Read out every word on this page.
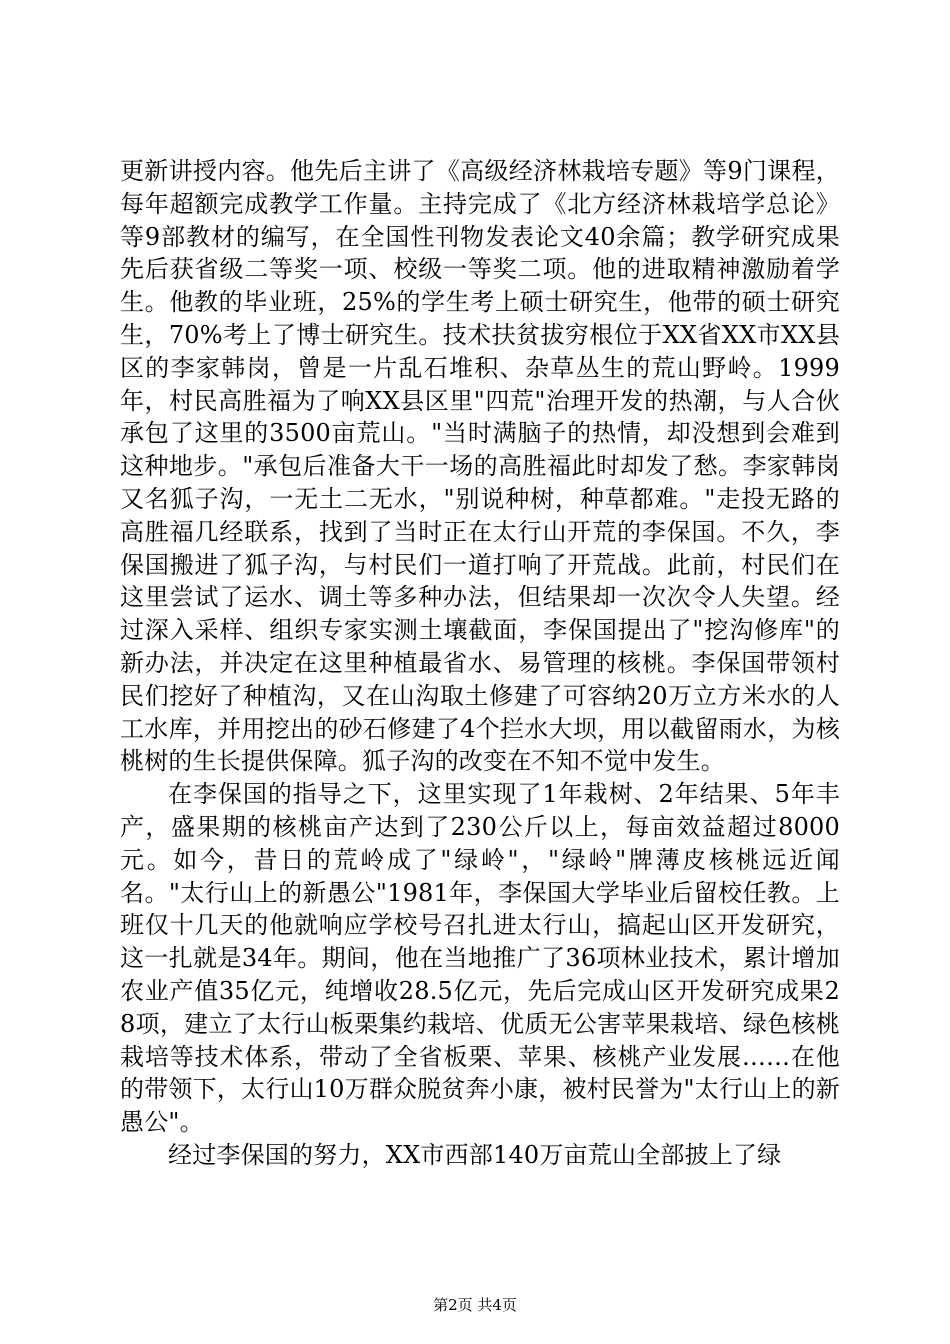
更新讲授内容。他先后主讲了《高级经济林栽培专题》等9门课程，每年超额完成教学工作量。主持完成了《北方经济林栽培学总论》等9部教材的编写，在全国性刊物发表论文40余篇；教学研究成果先后获省级二等奖一项、校级一等奖二项。他的进取精神激励着学生。他教的毕业班，25%的学生考上硕士研究生，他带的硕士研究生，70%考上了博士研究生。技术扶贫拔穷根位于XX省XX市XX县区的李家韩岗，曾是一片乱石堆积、杂草丛生的荒山野岭。1999年，村民高胜福为了响XX县区里"四荒"治理开发的热潮，与人合伙承包了这里的3500亩荒山。"当时满脑子的热情，却没想到会难到这种地步。"承包后准备大干一场的高胜福此时却发了愁。李家韩岗又名狐子沟，一无土二无水，"别说种树，种草都难。"走投无路的高胜福几经联系，找到了当时正在太行山开荒的李保国。不久，李保国搬进了狐子沟，与村民们一道打响了开荒战。此前，村民们在这里尝试了运水、调土等多种办法，但结果却一次次令人失望。经过深入采样、组织专家实测土壤截面，李保国提出了"挖沟修库"的新办法，并决定在这里种植最省水、易管理的核桃。李保国带领村民们挖好了种植沟，又在山沟取土修建了可容纳20万立方米水的人工水库，并用挖出的砂石修建了4个拦水大坝，用以截留雨水，为核桃树的生长提供保障。狐子沟的改变在不知不觉中发生。

在李保国的指导之下，这里实现了1年栽树、2年结果、5年丰产，盛果期的核桃亩产达到了230公斤以上，每亩效益超过8000元。如今，昔日的荒岭成了"绿岭"，"绿岭"牌薄皮核桃远近闻名。"太行山上的新愚公"1981年，李保国大学毕业后留校任教。上班仅十几天的他就响应学校号召扎进太行山，搞起山区开发研究，这一扎就是34年。期间，他在当地推广了36项林业技术，累计增加农业产值35亿元，纯增收28.5亿元，先后完成山区开发研究成果28项，建立了太行山板栗集约栽培、优质无公害苹果栽培、绿色核桃栽培等技术体系，带动了全省板栗、苹果、核桃产业发展……在他的带领下，太行山10万群众脱贫奔小康，被村民誉为"太行山上的新愚公"。

经过李保国的努力，XX市西部140万亩荒山全部披上了绿

第2页 共4页
